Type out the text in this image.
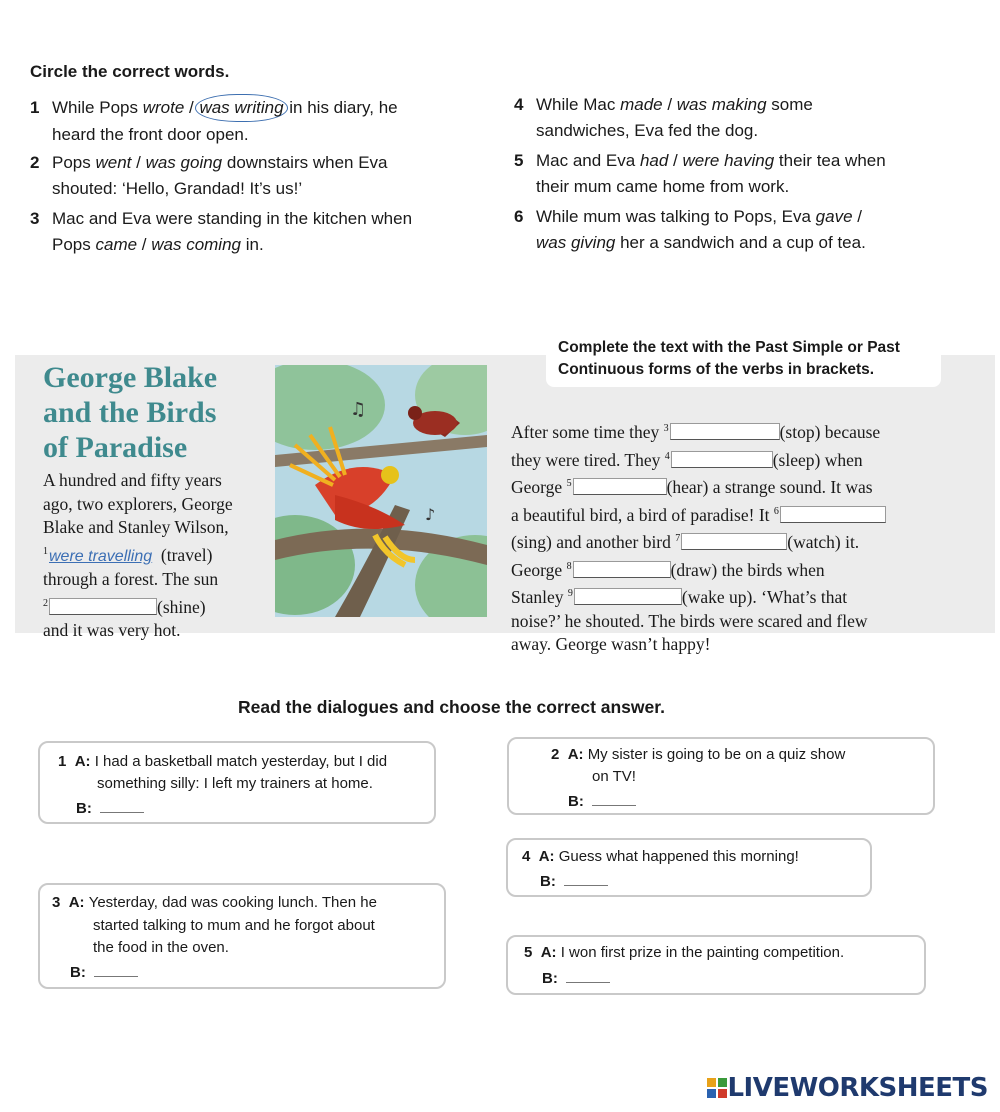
Circle the correct words.
1 While Pops wrote / was writing in his diary, he
heard the front door open.
2 Pops went / was going downstairs when Eva
shouted: ‘Hello, Grandad! It’s us!’
3 Mac and Eva were standing in the kitchen when
Pops came / was coming in.
4 While Mac made / was making some
sandwiches, Eva fed the dog.
5 Mac and Eva had / were having their tea when
their mum came home from work.
6 While mum was talking to Pops, Eva gave /
was giving her a sandwich and a cup of tea.
Complete the text with the Past Simple or Past
Continuous forms of the verbs in brackets.
George Blake
and the Birds
of Paradise
A hundred and fifty years
ago, two explorers, George
Blake and Stanley Wilson,
$^1$were travelling (travel)
through a forest. The sun
$^2$	(shine)
and it was very hot.
♫
♪
After some time they $^3$	(stop) because
they were tired. They $^4$	(sleep) when
George $^5$	(hear) a strange sound. It was
a beautiful bird, a bird of paradise! It $^6$
(sing) and another bird $^7$	(watch) it.
George $^8$	(draw) the birds when
Stanley $^9$	(wake up). ‘What’s that
noise?’ he shouted. The birds were scared and flew
away. George wasn’t happy!
Read the dialogues and choose the correct answer.
1 A: I had a basketball match yesterday, but I did
something silly: I left my trainers at home.
B:
2 A: My sister is going to be on a quiz show
on TV!
B:
4 A: Guess what happened this morning!
B:
3 A: Yesterday, dad was cooking lunch. Then he
started talking to mum and he forgot about
the food in the oven.
B:
5 A: I won first prize in the painting competition.
B:
LIVEWORKSHEETS
